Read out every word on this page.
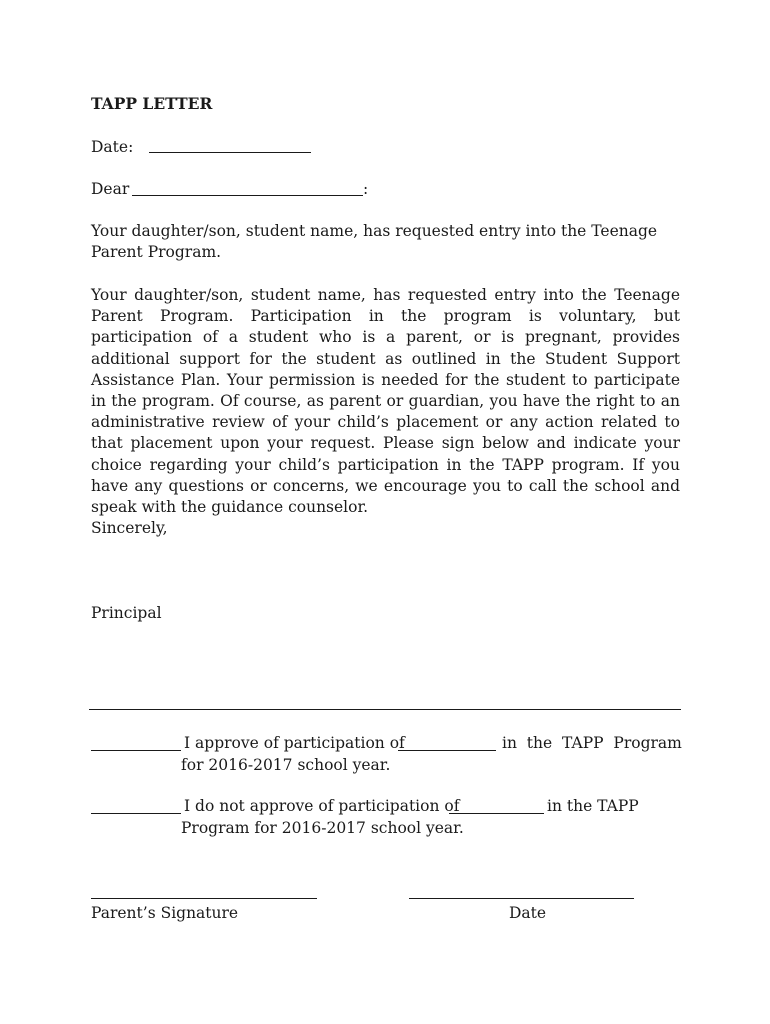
TAPP LETTER
Date:
Dear	:
Your daughter/son, student name, has requested entry into the Teenage Parent Program.
Your daughter/son, student name, has requested entry into the Teenage Parent Program. Participation in the program is voluntary, but participation of a student who is a parent, or is pregnant, provides additional support for the student as outlined in the Student Support Assistance Plan. Your permission is needed for the student to participate in the program. Of course, as parent or guardian, you have the right to an administrative review of your child’s placement or any action related to that placement upon your request. Please sign below and indicate your choice regarding your child’s participation in the TAPP program. If you have any questions or concerns, we encourage you to call the school and speak with the guidance counselor.
Sincerely,
Principal
I approve of participation of	in  the  TAPP  Program
for 2016-2017 school year.
I do not approve of participation of	in the TAPP
Program for 2016-2017 school year.
Parent’s Signature	Date
